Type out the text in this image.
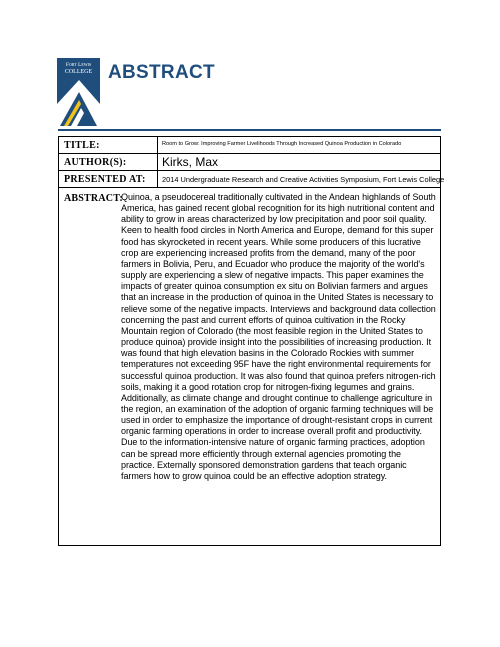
Fort Lewis
COLLEGE ABSTRACT
TITLE:	Room to Grow: Improving Farmer Livelihoods Through Increased Quinoa Production in Colorado
AUTHOR(S):	Kirks, Max
PRESENTED AT: 2014 Undergraduate Research and Creative Activities Symposium, Fort Lewis College
ABSTRACT:
Quinoa, a pseudocereal traditionally cultivated in the Andean highlands of South America, has gained recent global recognition for its high nutritional content and ability to grow in areas characterized by low precipitation and poor soil quality. Keen to health food circles in North America and Europe, demand for this super food has skyrocketed in recent years. While some producers of this lucrative crop are experiencing increased profits from the demand, many of the poor farmers in Bolivia, Peru, and Ecuador who produce the majority of the world's supply are experiencing a slew of negative impacts. This paper examines the impacts of greater quinoa consumption ex situ on Bolivian farmers and argues that an increase in the production of quinoa in the United States is necessary to relieve some of the negative impacts. Interviews and background data collection concerning the past and current efforts of quinoa cultivation in the Rocky Mountain region of Colorado (the most feasible region in the United States to produce quinoa) provide insight into the possibilities of increasing production. It was found that high elevation basins in the Colorado Rockies with summer temperatures not exceeding 95F have the right environmental requirements for successful quinoa production. It was also found that quinoa prefers nitrogen-rich soils, making it a good rotation crop for nitrogen-fixing legumes and grains. Additionally, as climate change and drought continue to challenge agriculture in the region, an examination of the adoption of organic farming techniques will be used in order to emphasize the importance of drought-resistant crops in current organic farming operations in order to increase overall profit and productivity. Due to the information-intensive nature of organic farming practices, adoption can be spread more efficiently through external agencies promoting the practice. Externally sponsored demonstration gardens that teach organic farmers how to grow quinoa could be an effective adoption strategy.
